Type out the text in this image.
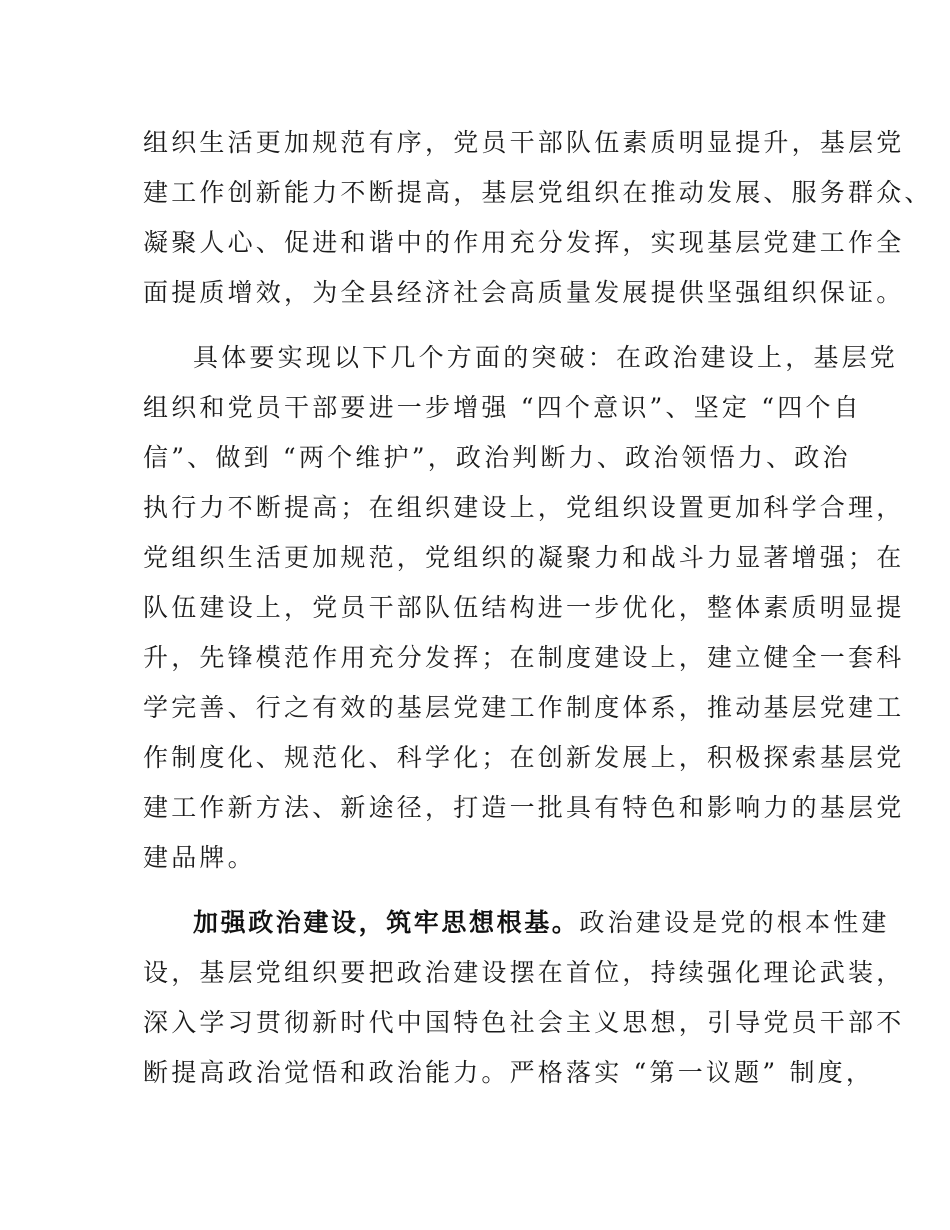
组织生活更加规范有序，党员干部队伍素质明显提升，基层党

建工作创新能力不断提高，基层党组织在推动发展、服务群众、

凝聚人心、促进和谐中的作用充分发挥，实现基层党建工作全

面提质增效，为全县经济社会高质量发展提供坚强组织保证。

具体要实现以下几个方面的突破：在政治建设上，基层党

组织和党员干部要进一步增强 “四个意识”、坚定 “四个自

信”、做到 “两个维护”，政治判断力、政治领悟力、政治

执行力不断提高；在组织建设上，党组织设置更加科学合理，

党组织生活更加规范，党组织的凝聚力和战斗力显著增强；在

队伍建设上，党员干部队伍结构进一步优化，整体素质明显提

升，先锋模范作用充分发挥；在制度建设上，建立健全一套科

学完善、行之有效的基层党建工作制度体系，推动基层党建工

作制度化、规范化、科学化；在创新发展上，积极探索基层党

建工作新方法、新途径，打造一批具有特色和影响力的基层党

建品牌。

加强政治建设，筑牢思想根基。政治建设是党的根本性建

设，基层党组织要把政治建设摆在首位，持续强化理论武装，

深入学习贯彻新时代中国特色社会主义思想，引导党员干部不

断提高政治觉悟和政治能力。严格落实 “第一议题” 制度，
